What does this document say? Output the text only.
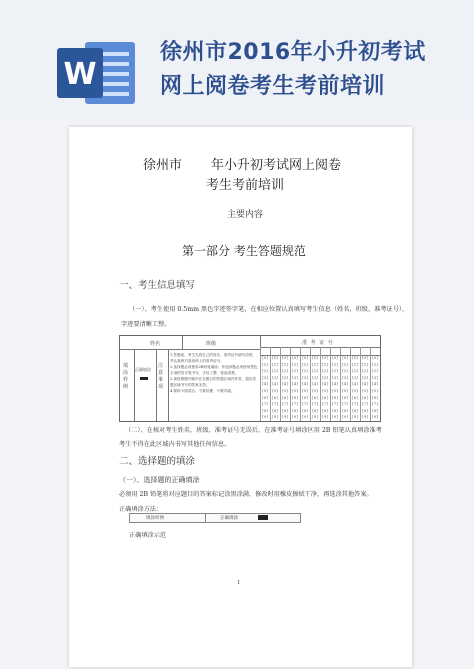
W
徐州市2016年小升初考试
网上阅卷考生考前培训
徐州市 年小升初考试网上阅卷
考生考前培训
主要内容
第一部分 考生答题规范
一、考生信息填写
（一）、考生使用 0.5mm 黑色字迹签字笔，在相应位置认真填写考生信息（姓名，班级，准考证号），
字迹要清晰工整。
姓名	班级
填涂样例
正确填涂
注意事项
1.答题前，考生先将自己的姓名、准考证号填写清楚，并认真核对条形码上的准考证号。
2.选择题必须使用2B铅笔填涂；非选择题必须使用黑色字迹的签字笔书写，字体工整、笔迹清楚。
3.请按照题号顺序在各题目的答题区域内作答，超出答题区域书写的答案无效。
4.保持卡面清洁，不要折叠、不要弄破。
准 考 证 号
[0]
[1]
[2]
[3]
[4]
[5]
[6]
[7]
[8]
[9]
[0]
[1]
[2]
[3]
[4]
[5]
[6]
[7]
[8]
[9]
[0]
[1]
[2]
[3]
[4]
[5]
[6]
[7]
[8]
[9]
[0]
[1]
[2]
[3]
[4]
[5]
[6]
[7]
[8]
[9]
[0]
[1]
[2]
[3]
[4]
[5]
[6]
[7]
[8]
[9]
[0]
[1]
[2]
[3]
[4]
[5]
[6]
[7]
[8]
[9]
[0]
[1]
[2]
[3]
[4]
[5]
[6]
[7]
[8]
[9]
[0]
[1]
[2]
[3]
[4]
[5]
[6]
[7]
[8]
[9]
[0]
[1]
[2]
[3]
[4]
[5]
[6]
[7]
[8]
[9]
[0]
[1]
[2]
[3]
[4]
[5]
[6]
[7]
[8]
[9]
[0]
[1]
[2]
[3]
[4]
[5]
[6]
[7]
[8]
[9]
[0]
[1]
[2]
[3]
[4]
[5]
[6]
[7]
[8]
[9]
（二）、在核对考生姓名、班级、准考证号无误后，在准考证号填涂区用 2B 铅笔认真填涂准考
考生不得在此区域内书写其他任何信息。
二、选择题的填涂
（一）、选择题的正确填涂
必须用 2B 铅笔将对应题目的答案标记涂黑涂满，修改时用橡皮擦拭干净，再选涂其他答案。
正确填涂方法：
填涂样例	正确填涂
正确填涂示范
1
